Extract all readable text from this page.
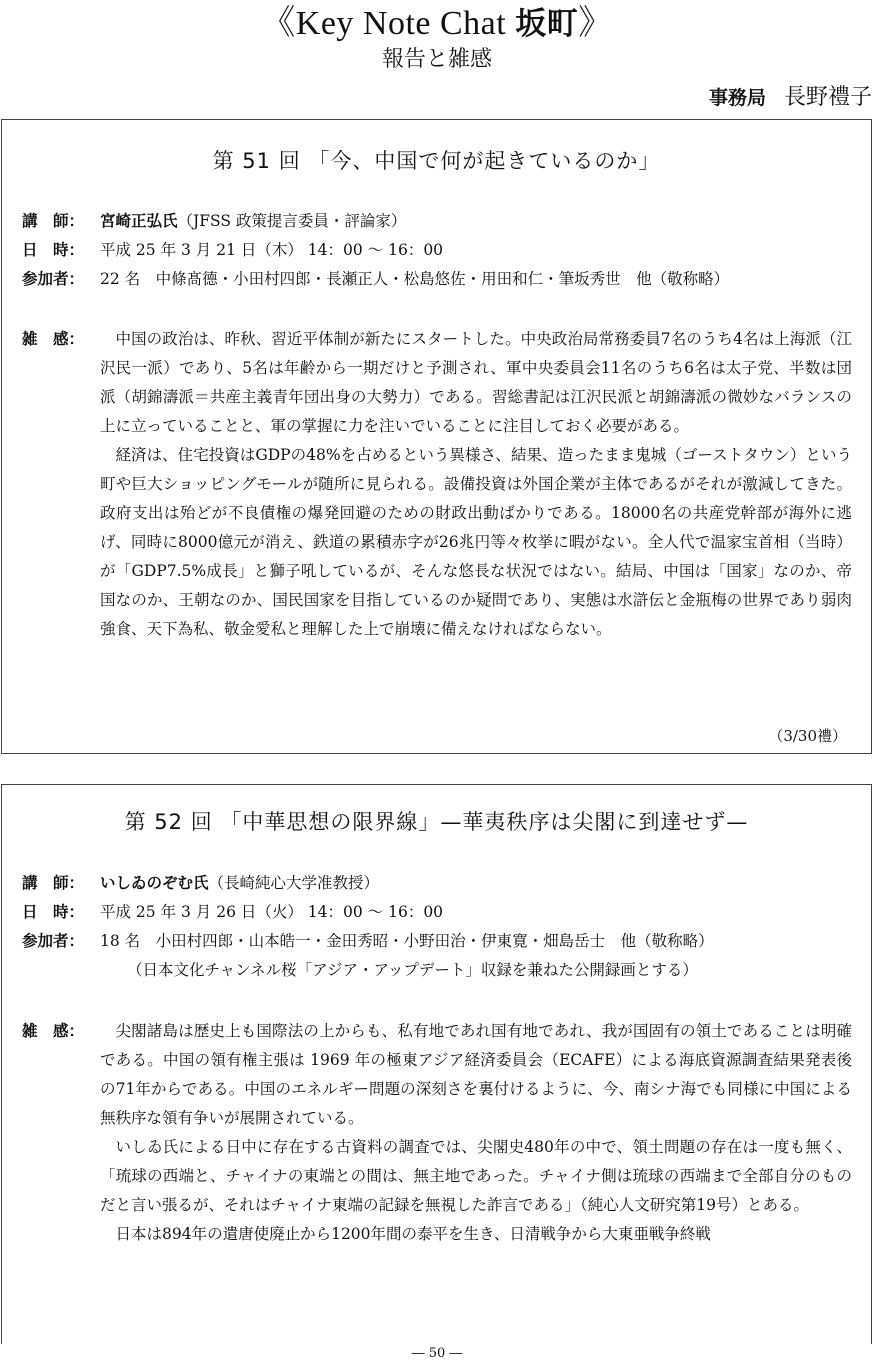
《Key Note Chat 坂町》
報告と雑感
事務局 長野禮子
第 51 回 「今、中国で何が起きているのか」
講　師： 宮崎正弘氏（JFSS 政策提言委員・評論家）
日　時： 平成 25 年 3 月 21 日（木） 14：00 〜 16：00
参加者： 22 名　中條髙德・小田村四郎・長瀬正人・松島悠佐・用田和仁・筆坂秀世　他（敬称略）
雑　感：	中国の政治は、昨秋、習近平体制が新たにスタートした。中央政治局常務委員7名のうち4名は上海派（江沢民一派）であり、5名は年齢から一期だけと予測され、軍中央委員会11名のうち6名は太子党、半数は団派（胡錦濤派＝共産主義青年団出身の大勢力）である。習総書記は江沢民派と胡錦濤派の微妙なバランスの上に立っていることと、軍の掌握に力を注いでいることに注目しておく必要がある。

経済は、住宅投資はGDPの48%を占めるという異様さ、結果、造ったまま鬼城（ゴーストタウン）という町や巨大ショッピングモールが随所に見られる。設備投資は外国企業が主体であるがそれが激減してきた。政府支出は殆どが不良債権の爆発回避のための財政出動ばかりである。18000名の共産党幹部が海外に逃げ、同時に8000億元が消え、鉄道の累積赤字が26兆円等々枚挙に暇がない。全人代で温家宝首相（当時）が「GDP7.5%成長」と獅子吼しているが、そんな悠長な状況ではない。結局、中国は「国家」なのか、帝国なのか、王朝なのか、国民国家を目指しているのか疑問であり、実態は水滸伝と金瓶梅の世界であり弱肉強食、天下為私、敬金愛私と理解した上で崩壊に備えなければならない。

（3/30禮）
第 52 回 「中華思想の限界線」—華夷秩序は尖閣に到達せず—
講　師： いしゐのぞむ氏（長崎純心大学准教授）
日　時： 平成 25 年 3 月 26 日（火） 14：00 〜 16：00
参加者： 18 名　小田村四郎・山本皓一・金田秀昭・小野田治・伊東寛・畑島岳士　他（敬称略）
（日本文化チャンネル桜「アジア・アップデート」収録を兼ねた公開録画とする）
雑　感：	尖閣諸島は歴史上も国際法の上からも、私有地であれ国有地であれ、我が国固有の領土であることは明確である。中国の領有権主張は 1969 年の極東アジア経済委員会（ECAFE）による海底資源調査結果発表後の71年からである。中国のエネルギー問題の深刻さを裏付けるように、今、南シナ海でも同様に中国による無秩序な領有争いが展開されている。

いしゐ氏による日中に存在する古資料の調査では、尖閣史480年の中で、領土問題の存在は一度も無く、「琉球の西端と、チャイナの東端との間は、無主地であった。チャイナ側は琉球の西端まで全部自分のものだと言い張るが、それはチャイナ東端の記録を無視した詐言である」（純心人文研究第19号）とある。

日本は894年の遣唐使廃止から1200年間の泰平を生き、日清戦争から大東亜戦争終戦

― 50 ―
